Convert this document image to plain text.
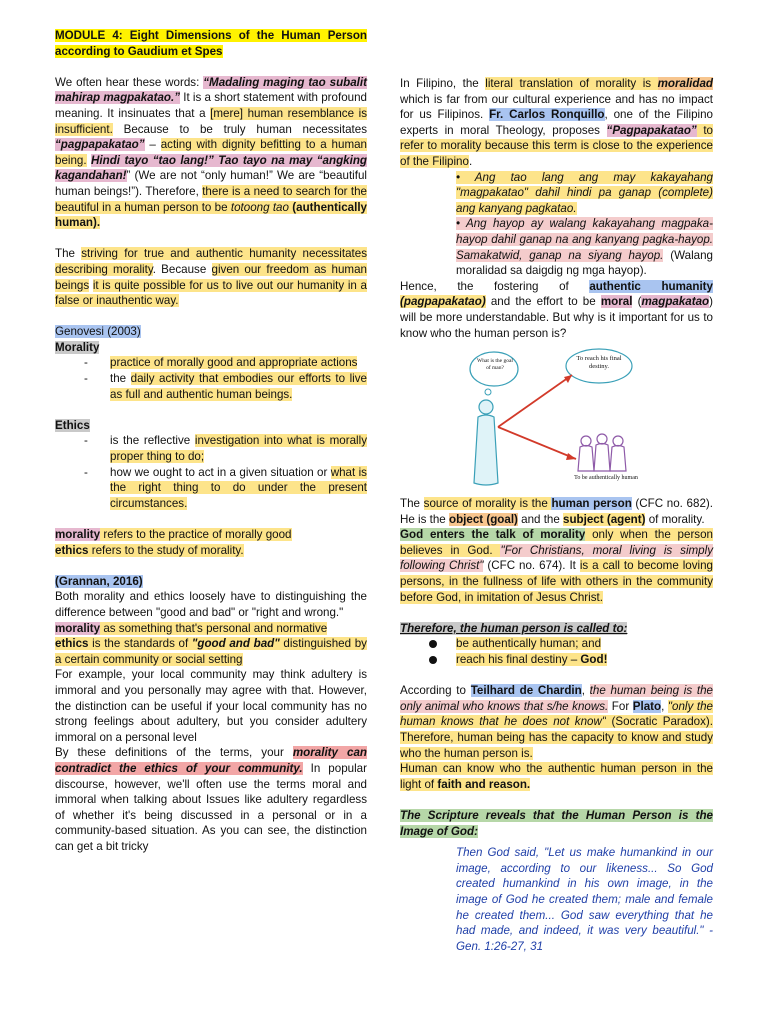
MODULE 4: Eight Dimensions of the Human Person according to Gaudium et Spes

We often hear these words: “Madaling maging tao subalit mahirap magpakatao.” It is a short statement with profound meaning. It insinuates that a [mere] human resemblance is insufficient. Because to be truly human necessitates “pagpapakatao” – acting with dignity befitting to a human being. Hindi tayo “tao lang!” Tao tayo na may “angking kagandahan!” (We are not “only human!” We are “beautiful human beings!”). Therefore, there is a need to search for the beautiful in a human person to be totoong tao (authentically human).

The striving for true and authentic humanity necessitates describing morality. Because given our freedom as human beings it is quite possible for us to live out our humanity in a false or inauthentic way.

Genovesi (2003)

Morality

- practice of morally good and appropriate actions
- the daily activity that embodies our efforts to live as full and authentic human beings.

Ethics

- is the reflective investigation into what is morally proper thing to do;
- how we ought to act in a given situation or what is the right thing to do under the present circumstances.

morality refers to the practice of morally good

ethics refers to the study of morality.

(Grannan, 2016)

Both morality and ethics loosely have to distinguishing the difference between "good and bad" or "right and wrong."

morality as something that's personal and normative

ethics is the standards of "good and bad" distinguished by a certain community or social setting

For example, your local community may think adultery is immoral and you personally may agree with that. However, the distinction can be useful if your local community has no strong feelings about adultery, but you consider adultery immoral on a personal level

By these definitions of the terms, your morality can contradict the ethics of your community. In popular discourse, however, we'll often use the terms moral and immoral when talking about Issues like adultery regardless of whether it's being discussed in a personal or in a community-based situation. As you can see, the distinction can get a bit tricky

In Filipino, the literal translation of morality is moralidad which is far from our cultural experience and has no impact for us Filipinos. Fr. Carlos Ronquillo, one of the Filipino experts in moral Theology, proposes “Pagpapakatao” to refer to morality because this term is close to the experience of the Filipino.

• Ang tao lang ang may kakayahang "magpakatao" dahil hindi pa ganap (complete) ang kanyang pagkatao.

• Ang hayop ay walang kakayahang magpaka-hayop dahil ganap na ang kanyang pagka-hayop. Samakatwid, ganap na siyang hayop. (Walang moralidad sa daigdig ng mga hayop).

Hence, the fostering of authentic humanity (pagpapakatao) and the effort to be moral (magpakatao) will be more understandable. But why is it important for us to know who the human person is?

What is the goal of man?
To reach his final destiny.
To be authentically human

The source of morality is the human person (CFC no. 682). He is the object (goal) and the subject (agent) of morality.

God enters the talk of morality only when the person believes in God. "For Christians, moral living is simply following Christ" (CFC no. 674). It is a call to become loving persons, in the fullness of life with others in the community before God, in imitation of Jesus Christ.

Therefore, the human person is called to:

be authentically human; and
reach his final destiny – God!

According to Teilhard de Chardin, the human being is the only animal who knows that s/he knows. For Plato, "only the human knows that he does not know" (Socratic Paradox). Therefore, human being has the capacity to know and study who the human person is.

Human can know who the authentic human person in the light of faith and reason.

The Scripture reveals that the Human Person is the Image of God:

Then God said, "Let us make humankind in our image, according to our likeness... So God created humankind in his own image, in the image of God he created them; male and female he created them... God saw everything that he had made, and indeed, it was very beautiful." - Gen. 1:26-27, 31
